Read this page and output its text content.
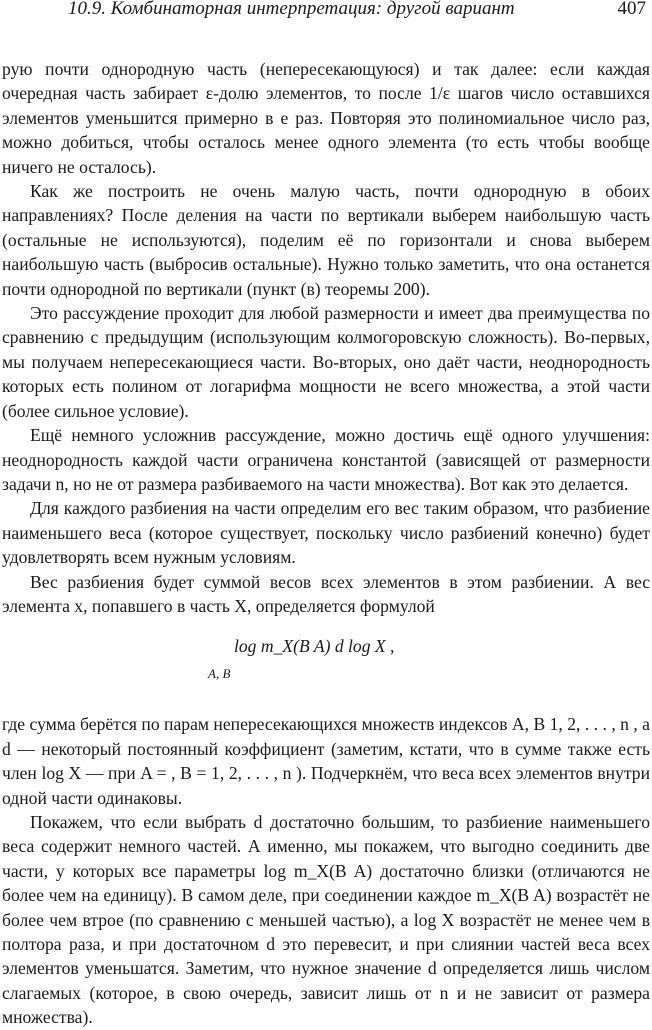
10.9. Комбинаторная интерпретация: другой вариант	407

рую почти однородную часть (непересекающуюся) и так далее: если каждая очередная часть забирает ε-долю элементов, то после 1/ε шагов число оставшихся элементов уменьшится примерно в e раз. Повторяя это полиномиальное число раз, можно добиться, чтобы осталось менее одного элемента (то есть чтобы вообще ничего не осталось).

Как же построить не очень малую часть, почти однородную в обоих направлениях? После деления на части по вертикали выберем наибольшую часть (остальные не используются), поделим её по горизонтали и снова выберем наибольшую часть (выбросив остальные). Нужно только заметить, что она останется почти однородной по вертикали (пункт (в) теоремы 200).

Это рассуждение проходит для любой размерности и имеет два преимущества по сравнению с предыдущим (использующим колмогоровскую сложность). Во-первых, мы получаем непересекающиеся части. Во-вторых, оно даёт части, неоднородность которых есть полином от логарифма мощности не всего множества, а этой части (более сильное условие).

Ещё немного усложнив рассуждение, можно достичь ещё одного улучшения: неоднородность каждой части ограничена константой (зависящей от размерности задачи n, но не от размера разбиваемого на части множества). Вот как это делается.

Для каждого разбиения на части определим его вес таким образом, что разбиение наименьшего веса (которое существует, поскольку число разбиений конечно) будет удовлетворять всем нужным условиям.

Вес разбиения будет суммой весов всех элементов в этом разбиении. А вес элемента x, попавшего в часть X, определяется формулой

log m_X(B A) d log X ,
A, B

где сумма берётся по парам непересекающихся множеств индексов A, B 1, 2, . . . , n , а d — некоторый постоянный коэффициент (заметим, кстати, что в сумме также есть член log X — при A = , B = 1, 2, . . . , n ). Подчеркнём, что веса всех элементов внутри одной части одинаковы.

Покажем, что если выбрать d достаточно большим, то разбиение наименьшего веса содержит немного частей. А именно, мы покажем, что выгодно соединить две части, у которых все параметры log m_X(B A) достаточно близки (отличаются не более чем на единицу). В самом деле, при соединении каждое m_X(B A) возрастёт не более чем втрое (по сравнению с меньшей частью), а log X возрастёт не менее чем в полтора раза, и при достаточном d это перевесит, и при слиянии частей веса всех элементов уменьшатся. Заметим, что нужное значение d определяется лишь числом слагаемых (которое, в свою очередь, зависит лишь от n и не зависит от размера множества).
